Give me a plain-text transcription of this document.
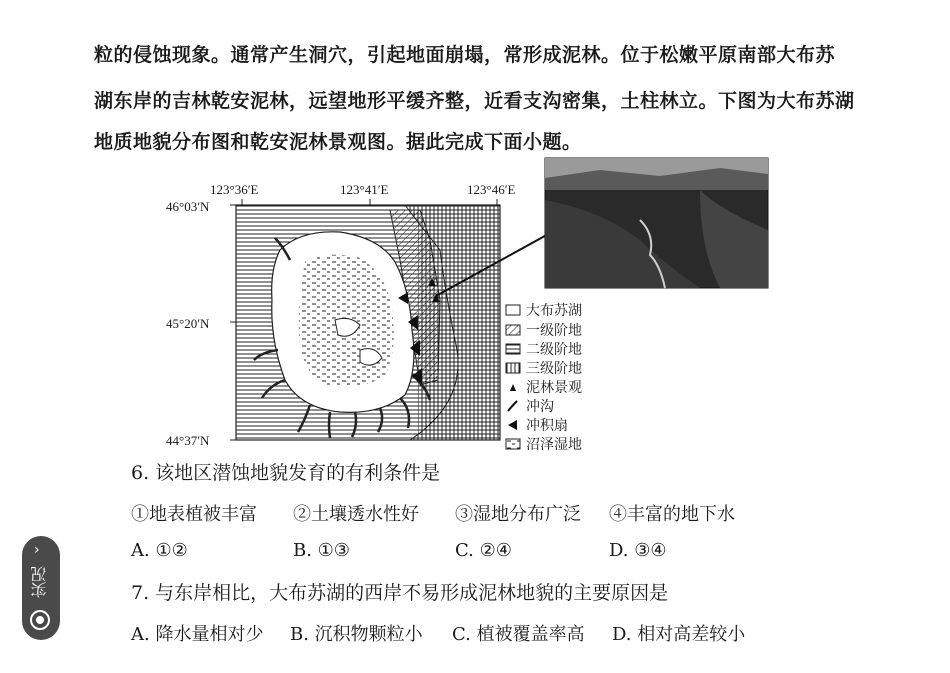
粒的侵蚀现象。通常产生洞穴，引起地面崩塌，常形成泥林。位于松嫩平原南部大布苏
湖东岸的吉林乾安泥林，远望地形平缓齐整，近看支沟密集，土柱林立。下图为大布苏湖
地质地貌分布图和乾安泥林景观图。据此完成下面小题。
123°36′E	123°41′E	123°46′E
46°03′N
45°20′N
44°37′N
大布苏湖
一级阶地
二级阶地
三级阶地
泥林景观
冲沟
冲积扇
沼泽湿地
6. 该地区潜蚀地貌发育的有利条件是
①地表植被丰富 ②土壤透水性好 ③湿地分布广泛 ④丰富的地下水
A. ①②	B. ①③	C. ②④	D. ③④
7. 与东岸相比，大布苏湖的西岸不易形成泥林地貌的主要原因是
A. 降水量相对少 B. 沉积物颗粒小 C. 植被覆盖率高 D. 相对高差较小
›
实况
